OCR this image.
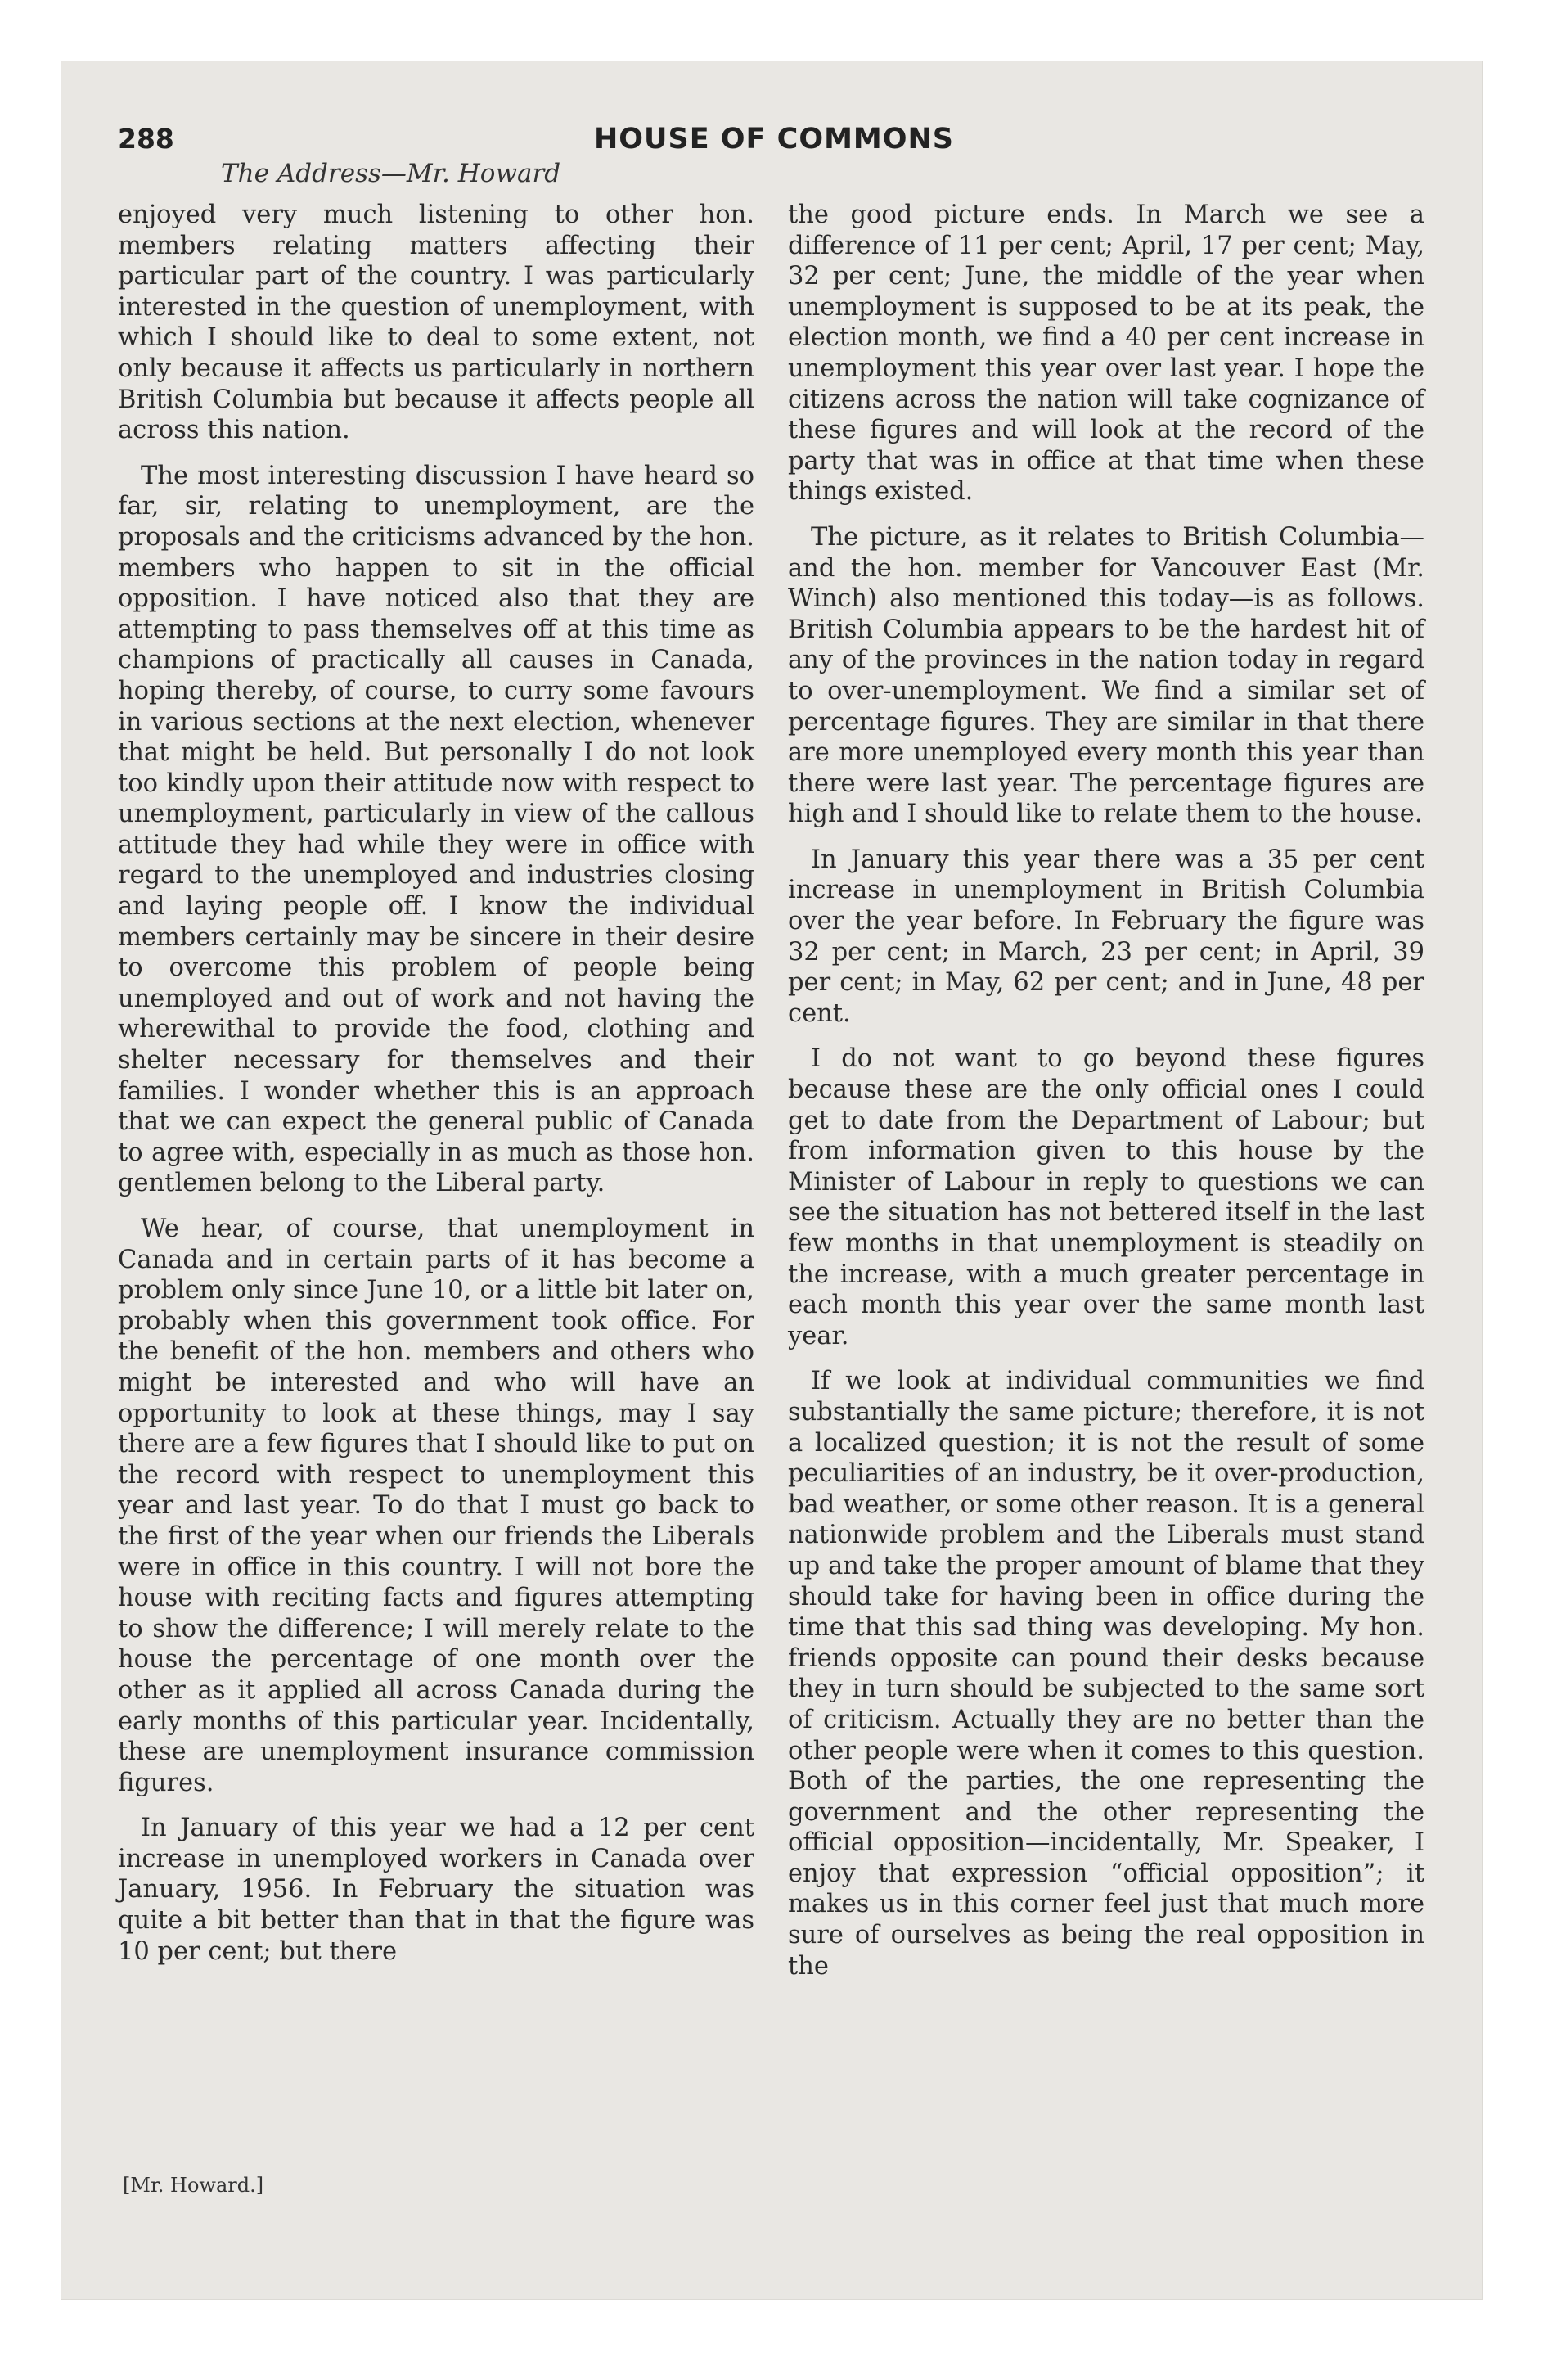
288	HOUSE OF COMMONS
The Address—Mr. Howard

enjoyed very much listening to other hon. members relating matters affecting their particular part of the country. I was particularly interested in the question of unemployment, with which I should like to deal to some extent, not only because it affects us particularly in northern British Columbia but because it affects people all across this nation.

The most interesting discussion I have heard so far, sir, relating to unemployment, are the proposals and the criticisms advanced by the hon. members who happen to sit in the official opposition. I have noticed also that they are attempting to pass themselves off at this time as champions of practically all causes in Canada, hoping thereby, of course, to curry some favours in various sections at the next election, whenever that might be held. But personally I do not look too kindly upon their attitude now with respect to unemployment, particularly in view of the callous attitude they had while they were in office with regard to the unemployed and industries closing and laying people off. I know the individual members certainly may be sincere in their desire to overcome this problem of people being unemployed and out of work and not having the wherewithal to provide the food, clothing and shelter necessary for themselves and their families. I wonder whether this is an approach that we can expect the general public of Canada to agree with, especially in as much as those hon. gentlemen belong to the Liberal party.

We hear, of course, that unemployment in Canada and in certain parts of it has become a problem only since June 10, or a little bit later on, probably when this government took office. For the benefit of the hon. members and others who might be interested and who will have an opportunity to look at these things, may I say there are a few figures that I should like to put on the record with respect to unemployment this year and last year. To do that I must go back to the first of the year when our friends the Liberals were in office in this country. I will not bore the house with reciting facts and figures attempting to show the difference; I will merely relate to the house the percentage of one month over the other as it applied all across Canada during the early months of this particular year. Incidentally, these are unemployment insurance commission figures.

In January of this year we had a 12 per cent increase in unemployed workers in Canada over January, 1956. In February the situation was quite a bit better than that in that the figure was 10 per cent; but there

the good picture ends. In March we see a difference of 11 per cent; April, 17 per cent; May, 32 per cent; June, the middle of the year when unemployment is supposed to be at its peak, the election month, we find a 40 per cent increase in unemployment this year over last year. I hope the citizens across the nation will take cognizance of these figures and will look at the record of the party that was in office at that time when these things existed.

The picture, as it relates to British Columbia—and the hon. member for Vancouver East (Mr. Winch) also mentioned this today—is as follows. British Columbia appears to be the hardest hit of any of the provinces in the nation today in regard to over-unemployment. We find a similar set of percentage figures. They are similar in that there are more unemployed every month this year than there were last year. The percentage figures are high and I should like to relate them to the house.

In January this year there was a 35 per cent increase in unemployment in British Columbia over the year before. In February the figure was 32 per cent; in March, 23 per cent; in April, 39 per cent; in May, 62 per cent; and in June, 48 per cent.

I do not want to go beyond these figures because these are the only official ones I could get to date from the Department of Labour; but from information given to this house by the Minister of Labour in reply to questions we can see the situation has not bettered itself in the last few months in that unemployment is steadily on the increase, with a much greater percentage in each month this year over the same month last year.

If we look at individual communities we find substantially the same picture; therefore, it is not a localized question; it is not the result of some peculiarities of an industry, be it over-production, bad weather, or some other reason. It is a general nationwide problem and the Liberals must stand up and take the proper amount of blame that they should take for having been in office during the time that this sad thing was developing. My hon. friends opposite can pound their desks because they in turn should be subjected to the same sort of criticism. Actually they are no better than the other people were when it comes to this question. Both of the parties, the one representing the government and the other representing the official opposition—incidentally, Mr. Speaker, I enjoy that expression “official opposition”; it makes us in this corner feel just that much more sure of ourselves as being the real opposition in the

[Mr. Howard.]
